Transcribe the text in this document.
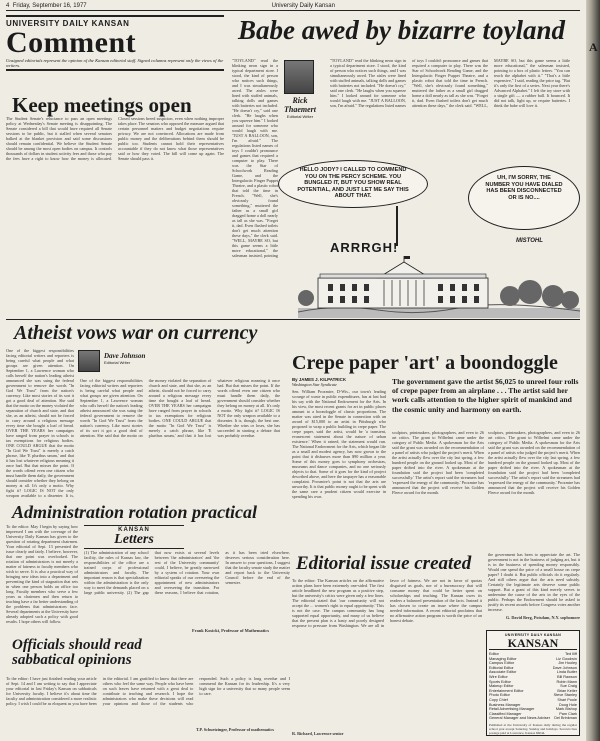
4 Friday, September 16, 1977	University Daily Kansan
UNIVERSITY DAILY KANSAN
Comment
Unsigned editorials represent the opinion of the Kansan editorial staff. Signed columns represent only the views of the writers.
Keep meetings open
The Student Senate's reluctance to pass an open meetings policy at Wednesday's Senate meeting is disappointing. The Senate considered a bill that would have required all Senate sessions to be public, but it stalled when several senators balked at the blanket provision and said some discussions should remain confidential. We believe the Student Senate should be among the most open bodies on campus. It controls thousands of dollars in student activity fees and those who pay the fees have a right to know how the money is allocated. Closed sessions breed suspicion, even when nothing improper takes place. The senators who opposed the measure argued that certain personnel matters and budget negotiations require privacy. We are not convinced. Allocations are made from public money and the deliberations behind them should be public too. Students cannot hold their representatives accountable if they do not know what those representatives said or how they voted. The bill will come up again. The Senate should pass it.
Babe awed by bizarre toyland
Rick Thaemert
Editorial Writer
"TOYLAND" read the blinking neon sign in a typical department store. I stood, the kind of person who notices such things, and I was simultaneously awed. The aisles were lined with stuffed animals, talking dolls and games with batteries not included. "He doesn't cry," said one clerk. "He laughs when you squeeze him." I looked around for someone who would laugh with me. "JUST A BALLOON, son, I'm afraid." The regulations listed names of toys I couldn't pronounce and games that required a computer to play. There was the Star of Schoolwork Reading Game, and the Intergalactic Finger Puppet Theatre, and a plastic robot that told the time in French. "Well, she's obviously found something," muttered the father as a small girl dragged home a doll nearly as tall as she was. "Forget it, dad. Even flushed toilets don't get much attention these days," the clerk said. "WELL, MAYBE SO, but this game seems a little more educational," the salesman insisted, pointing
"TOYLAND" read the blinking neon sign in a typical department store. I stood, the kind of person who notices such things, and I was simultaneously awed. The aisles were lined with stuffed animals, talking dolls and games with batteries not included. "He doesn't cry," said one clerk. "He laughs when you squeeze him." I looked around for someone who would laugh with me. "JUST A BALLOON, son, I'm afraid." The regulations listed names of toys I couldn't pronounce and games that required a computer to play. There was the Star of Schoolwork Reading Game, and the Intergalactic Finger Puppet Theatre, and a plastic robot that told the time in French. "Well, she's obviously found something," muttered the father as a small girl dragged home a doll nearly as tall as she was. "Forget it, dad. Even flushed toilets don't get much attention these days," the clerk said. "WELL, MAYBE SO, but this game seems a little more educational," the salesman insisted, pointing to a box of plastic letters. "You can teach the alphabet with it." "That's a little expensive," I said, reading the price tag. "But it's only the first of a series. Next year there's Advanced Alphabet." I left the toy store with a single gift — a rubber ball. It bounced. It did not talk, light up, or require batteries. I think the babe will love it.
HELLO JODY? I CALLED TO COMMEND YOU ON THE PERCY SCHEME. YOU BUNGLED IT, BUT YOU SHOW REAL POTENTIAL, AND JUST LET ME SAY THIS ABOUT THAT.
UH, I'M SORRY, THE NUMBER YOU HAVE DIALED HAS BEEN DISCONNECTED OR IS NO....
MISTOHL
ARRRGH!
Atheist vows war on currency
Dave Johnson
Editorial Writer
One of the biggest responsibilities facing editorial writers and reporters is being careful what people and what groups are given attention. On September 1, a Lawrence woman who calls herself the nation's leading atheist announced she was suing the federal government to remove the words "In God We Trust" from the nation's currency. Like most stories of its sort it got a good deal of attention. She said that the motto on the money violated the separation of church and state, and that she, as an atheist, should not be forced to carry around a religious message every time she bought a loaf of bread. OVER THE YEARS her campaigns have ranged from prayer in schools to tax exemptions for religious bodies. ONE COULD ARGUE that the motto "In God We Trust" is merely a catch phrase, like 'E pluribus unum,' and that it has lost whatever religious meaning it once had. But that misses the point. If the words offend even one citizen who must handle them daily, the government should consider whether they belong on money at all. It's only a motto. Why fight it? LOGIC IS NOT the only weapon available to a dissenter. It is,
One of the biggest responsibilities facing editorial writers and reporters is being careful what people and what groups are given attention. On September 1, a Lawrence woman who calls herself the nation's leading atheist announced she was suing the federal government to remove the words "In God We Trust" from the nation's currency. Like most stories of its sort it got a good deal of attention. She said that the motto on the money violated the separation of church and state, and that she, as an atheist, should not be forced to carry around a religious message every time she bought a loaf of bread. OVER THE YEARS her campaigns have ranged from prayer in schools to tax exemptions for religious bodies. ONE COULD ARGUE that the motto "In God We Trust" is merely a catch phrase, like 'E pluribus unum,' and that it has lost whatever religious meaning it once had. But that misses the point. If the words offend even one citizen who must handle them daily, the government should consider whether they belong on money at all. It's only a motto. Why fight it? LOGIC IS NOT the only weapon available to a dissenter. It is, though, the best one. Whether she wins or loses, she has succeeded in starting a debate that was probably overdue.
Crepe paper 'art' a boondoggle
By JAMES J. KILPATRICK
Washington Star Syndicate
Sen. William Proxmire, D-Wis., our town's leading scourge of waste in public expenditures, has at last had his say with the National Endowment for the Arts. In his view, the most recent grants for art in public places amount to a boondoggle of classic proportions. The matter was aired in the Senate in connection with an award of $15,000 to an artist in Pittsburgh who proposed to wrap a public building in crepe paper. The crepe paper, said the artist, would be 'a transient, evanescent statement about the nature of urban existence.' When it rained, the statement would run. The National Endowment for the Arts, which began life as a small and modest agency, has now grown to the point that it disburses more than $90 million a year. Some of this money goes to symphony orchestras, museums and dance companies, and no one seriously objects to that. Some of it goes for the kind of project described above, and here the taxpayer has a reasonable complaint. Proxmire's point is not that the arts are unworthy. It is that public money ought to be spent with the same care a prudent citizen would exercise in spending his own.
The government gave the artist $6,025 to unreel four rolls of crepe paper from an airplane . . . The artist said her work calls attention to the higher spirit of mankind and the cosmic unity and harmony on earth.
sculptors, printmakers, photographers, and even to 26 art critics. The grant to Wilhelmi came under the category of Public Media. A spokesman for the Arts said the grant was awarded on the recommendation of a panel of artists who judged the project's merit. When the artist actually flew over the city last spring, a few hundred people on the ground looked up. Most of the paper drifted into the river. A spokesman at the foundation said the project had been 'completed successfully.' The artist's report said the streamers had 'expressed the energy of the community.' Proxmire has announced that the project will receive his Golden Fleece award for the month.
sculptors, printmakers, photographers, and even to 26 art critics. The grant to Wilhelmi came under the category of Public Media. A spokesman for the Arts said the grant was awarded on the recommendation of a panel of artists who judged the project's merit. When the artist actually flew over the city last spring, a few hundred people on the ground looked up. Most of the paper drifted into the river. A spokesman at the foundation said the project had been 'completed successfully.' The artist's report said the streamers had 'expressed the energy of the community.' Proxmire has announced that the project will receive his Golden Fleece award for the month.
Administration rotation practical
To the editor: May I begin by saying how impressed I am with the coverage of the University Daily Kansan has given to the question of rotating department chairmen. Your editorial of Sept. 13 presented the issue clearly and fairly. I believe, however, that one point was overlooked. The rotation of administrators is not merely a matter of fairness to faculty members who wish to serve. It is also a practical way of bringing new ideas into a department and preventing the kind of stagnation that sets in when one person holds an office too long. Faculty members who serve a few years as chairmen and then return to teaching have a far better understanding of the problems that administrators face. Several departments at the University have already adopted such a policy with good results. I hope others will follow.
KANSAN
Letters
(1) The administration of any school facility, the rules of Kansas law, the responsibilities of the office are a trained corps of professional administrators and faculty. The important reason is that specialization within the administration is the only way to meet the demands placed on a large public university. (2) The gap that now exists at several levels between 'the administrators' and 'the rest of the University community' could, I believe, be greatly narrowed by a system of rotation. Your own editorial speaks of our overseeing the appointment of new administrators and overseeing the transition. For these reasons, I believe that rotation, as it has been tried elsewhere, deserves serious consideration here. In answer to your questions, I suggest that the faculty senate study the matter and report back to the University Council before the end of the semester.
Frank Kosicki, Professor of Mathematics
Editorial issue created
To the editor: The Kansan articles on the affirmative action plans have been extremely one-sided. The first article headlined the new program as a positive step, but the university's critics were given only a few lines. The editorial stated that 'our community will not accept the ... women's right to equal opportunity.' This is not the case. The campus community has long supported equal opportunity, and many of us believe that the present plan is a hasty and poorly designed response to pressure from Washington. We are all in favor of fairness. We are not in favor of quotas disguised as goals, nor of a bureaucracy that will consume money that could be better spent on scholarships and teaching. The Kansan owes its readers a balanced presentation of the facts. Instead it has chosen to create an issue where the campus needed information. A recent editorial proclaims that no affirmative action program is worth the price of an honest debate.
R. Richard, Lawrence senior
the government has been to appreciate the art. The government is not in the business of judging art, but it is in the business of spending money responsibly. Would one spend the price of a small house on crepe paper? I doubt it. But public officials do it regularly. And still others argue that the arts need subsidy. Certainly the legitimate arts deserve some public support. But a grant of this kind merely serves to undermine the cause of the arts in the eyes of the public. Perhaps the Endowment should be asked to justify its recent awards before Congress votes another increase.
G. David Berg, Potsdam, N.Y. sophomore
Officials should read sabbatical opinions
To the editor: I have just finished reading your article of Sept. 14 and I am writing to say that I appreciate your editorial in last Friday's Kansan on sabbaticals for University faculty. I believe it's about time the faculty and administration considered a more realistic policy. I wish I could be as eloquent as you have been in the editorial. I am gratified to know that there are others who feel the same way. People who have been on such leaves have returned with a great deal to contribute to teaching and research. I hope the administrators who make these decisions will read your opinions and those of the students who responded. Such a policy is long overdue and I commend the Kansan for its leadership. It's a very high sign for a university that so many people seem to care.
T.P. Schuetzinger, Professor of mathematics
UNIVERSITY DAILY KANSAN
KANSAN
Editor	Ted Iliff
Managing Editor	Liz Goodwin
Campus Editor	Jim Hooley
Editorial Editor	Dave Johnson
Associate Editor	Linda Butler
Wire Editor	Bill Rawson
Sports Editor	Robin Mann
Makeup Editor	Sue Craig
Entertainment Editor	Brian Keller
Photo Editor	Steve Stanley
Copy Chief	Shari Poole
Business Manager	Doug Hole
Retail Advertising Manager	Mark Bishop
Classified Manager	Pam Clark
General Manager and News Adviser Del Brinkman
Published at the University of Kansas daily during the regular school year except Saturday, Sunday and holidays. Second class postage paid at Lawrence, Kansas 66044.
A
